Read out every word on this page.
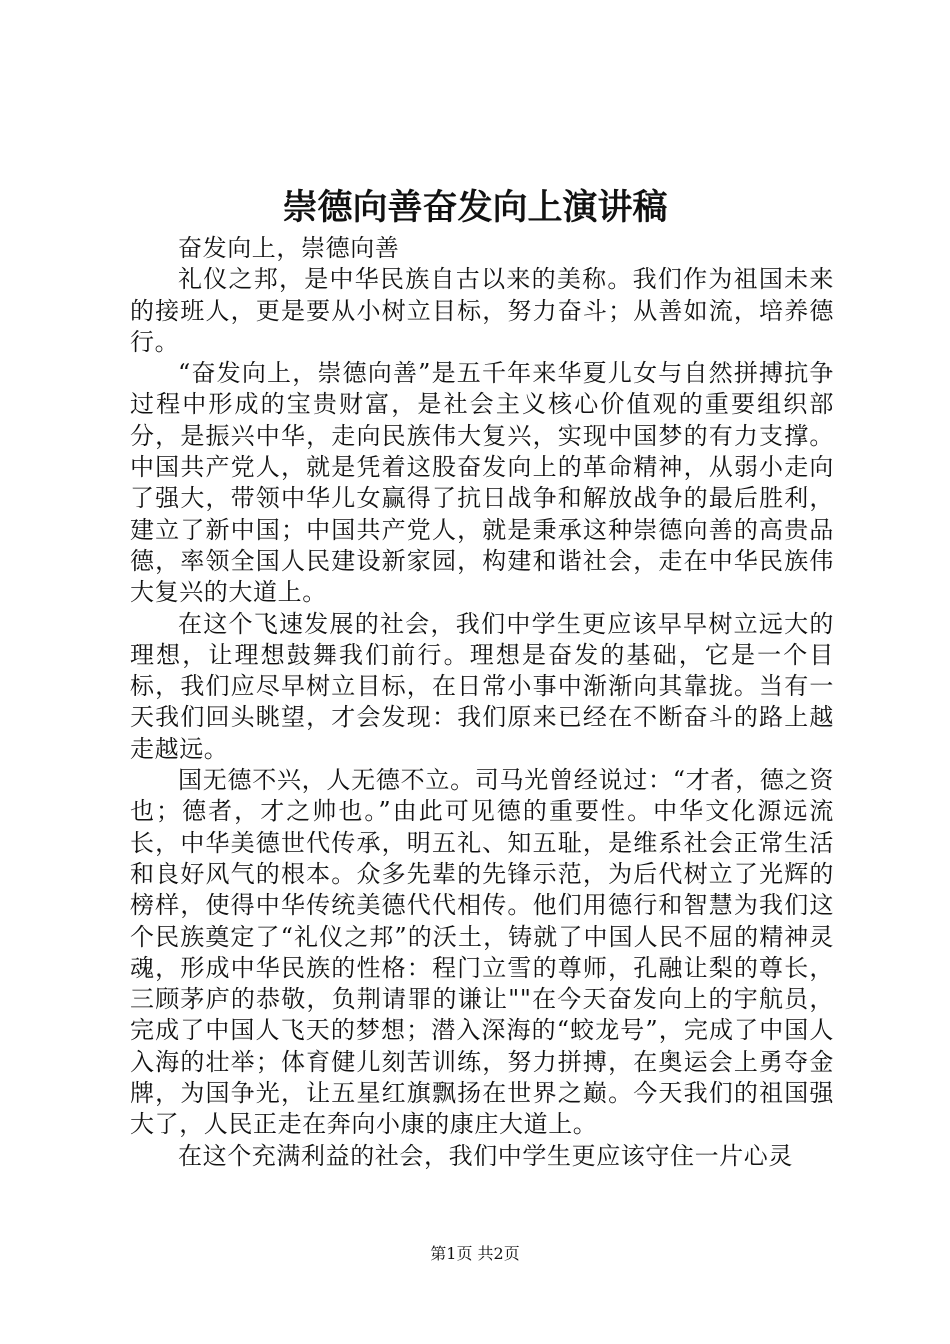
崇德向善奋发向上演讲稿

奋发向上，崇德向善

礼仪之邦，是中华民族自古以来的美称。我们作为祖国未来的接班人，更是要从小树立目标，努力奋斗；从善如流，培养德行。

“奋发向上，崇德向善”是五千年来华夏儿女与自然拼搏抗争过程中形成的宝贵财富，是社会主义核心价值观的重要组织部分，是振兴中华，走向民族伟大复兴，实现中国梦的有力支撑。中国共产党人，就是凭着这股奋发向上的革命精神，从弱小走向了强大，带领中华儿女赢得了抗日战争和解放战争的最后胜利，建立了新中国；中国共产党人，就是秉承这种崇德向善的高贵品德，率领全国人民建设新家园，构建和谐社会，走在中华民族伟大复兴的大道上。

在这个飞速发展的社会，我们中学生更应该早早树立远大的理想，让理想鼓舞我们前行。理想是奋发的基础，它是一个目标，我们应尽早树立目标，在日常小事中渐渐向其靠拢。当有一天我们回头眺望，才会发现：我们原来已经在不断奋斗的路上越走越远。

国无德不兴，人无德不立。司马光曾经说过：“才者，德之资也；德者，才之帅也。”由此可见德的重要性。中华文化源远流长，中华美德世代传承，明五礼、知五耻，是维系社会正常生活和良好风气的根本。众多先辈的先锋示范，为后代树立了光辉的榜样，使得中华传统美德代代相传。他们用德行和智慧为我们这个民族奠定了“礼仪之邦”的沃土，铸就了中国人民不屈的精神灵魂，形成中华民族的性格：程门立雪的尊师，孔融让梨的尊长，三顾茅庐的恭敬，负荆请罪的谦让""在今天奋发向上的宇航员，完成了中国人飞天的梦想；潜入深海的“蛟龙号”，完成了中国人入海的壮举；体育健儿刻苦训练，努力拼搏，在奥运会上勇夺金牌，为国争光，让五星红旗飘扬在世界之巅。今天我们的祖国强大了，人民正走在奔向小康的康庄大道上。

在这个充满利益的社会，我们中学生更应该守住一片心灵

第1页 共2页
